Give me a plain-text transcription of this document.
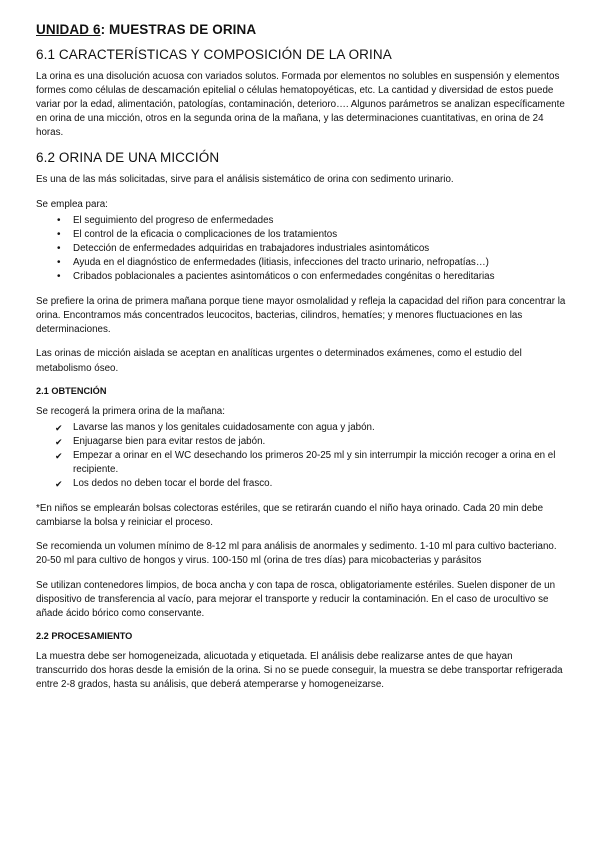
UNIDAD 6: MUESTRAS DE ORINA
6.1 CARACTERÍSTICAS Y COMPOSICIÓN DE LA ORINA

La orina es una disolución acuosa con variados solutos. Formada por elementos no solubles en suspensión y elementos formes como células de descamación epitelial o células hematopoyéticas, etc. La cantidad y diversidad de estos puede variar por la edad, alimentación, patologías, contaminación, deterioro…. Algunos parámetros se analizan específicamente en orina de una micción, otros en la segunda orina de la mañana, y las determinaciones cuantitativas, en orina de 24 horas.

6.2 ORINA DE UNA MICCIÓN

Es una de las más solicitadas, sirve para el análisis sistemático de orina con sedimento urinario.

Se emplea para:

• El seguimiento del progreso de enfermedades
• El control de la eficacia o complicaciones de los tratamientos
• Detección de enfermedades adquiridas en trabajadores industriales asintomáticos
• Ayuda en el diagnóstico de enfermedades (litiasis, infecciones del tracto urinario, nefropatías…)
• Cribados poblacionales a pacientes asintomáticos o con enfermedades congénitas o hereditarias

Se prefiere la orina de primera mañana porque tiene mayor osmolalidad y refleja la capacidad del riñon para concentrar la orina. Encontramos más concentrados leucocitos, bacterias, cilindros, hematíes; y menores fluctuaciones en las determinaciones.

Las orinas de micción aislada se aceptan en analíticas urgentes o determinados exámenes, como el estudio del metabolismo óseo.

2.1 OBTENCIÓN

Se recogerá la primera orina de la mañana:

✔ Lavarse las manos y los genitales cuidadosamente con agua y jabón.
✔ Enjuagarse bien para evitar restos de jabón.
✔ Empezar a orinar en el WC desechando los primeros 20-25 ml y sin interrumpir la micción recoger a orina en el recipiente.
✔ Los dedos no deben tocar el borde del frasco.

*En niños se emplearán bolsas colectoras estériles, que se retirarán cuando el niño haya orinado. Cada 20 min debe cambiarse la bolsa y reiniciar el proceso.

Se recomienda un volumen mínimo de 8-12 ml para análisis de anormales y sedimento. 1-10 ml para cultivo bacteriano. 20-50 ml para cultivo de hongos y virus. 100-150 ml (orina de tres días) para micobacterias y parásitos

Se utilizan contenedores limpios, de boca ancha y con tapa de rosca, obligatoriamente estériles. Suelen disponer de un dispositivo de transferencia al vacío, para mejorar el transporte y reducir la contaminación. En el caso de urocultivo se añade ácido bórico como conservante.

2.2 PROCESAMIENTO

La muestra debe ser homogeneizada, alicuotada y etiquetada. El análisis debe realizarse antes de que hayan transcurrido dos horas desde la emisión de la orina. Si no se puede conseguir, la muestra se debe transportar refrigerada entre 2-8 grados, hasta su análisis, que deberá atemperarse y homogeneizarse.
